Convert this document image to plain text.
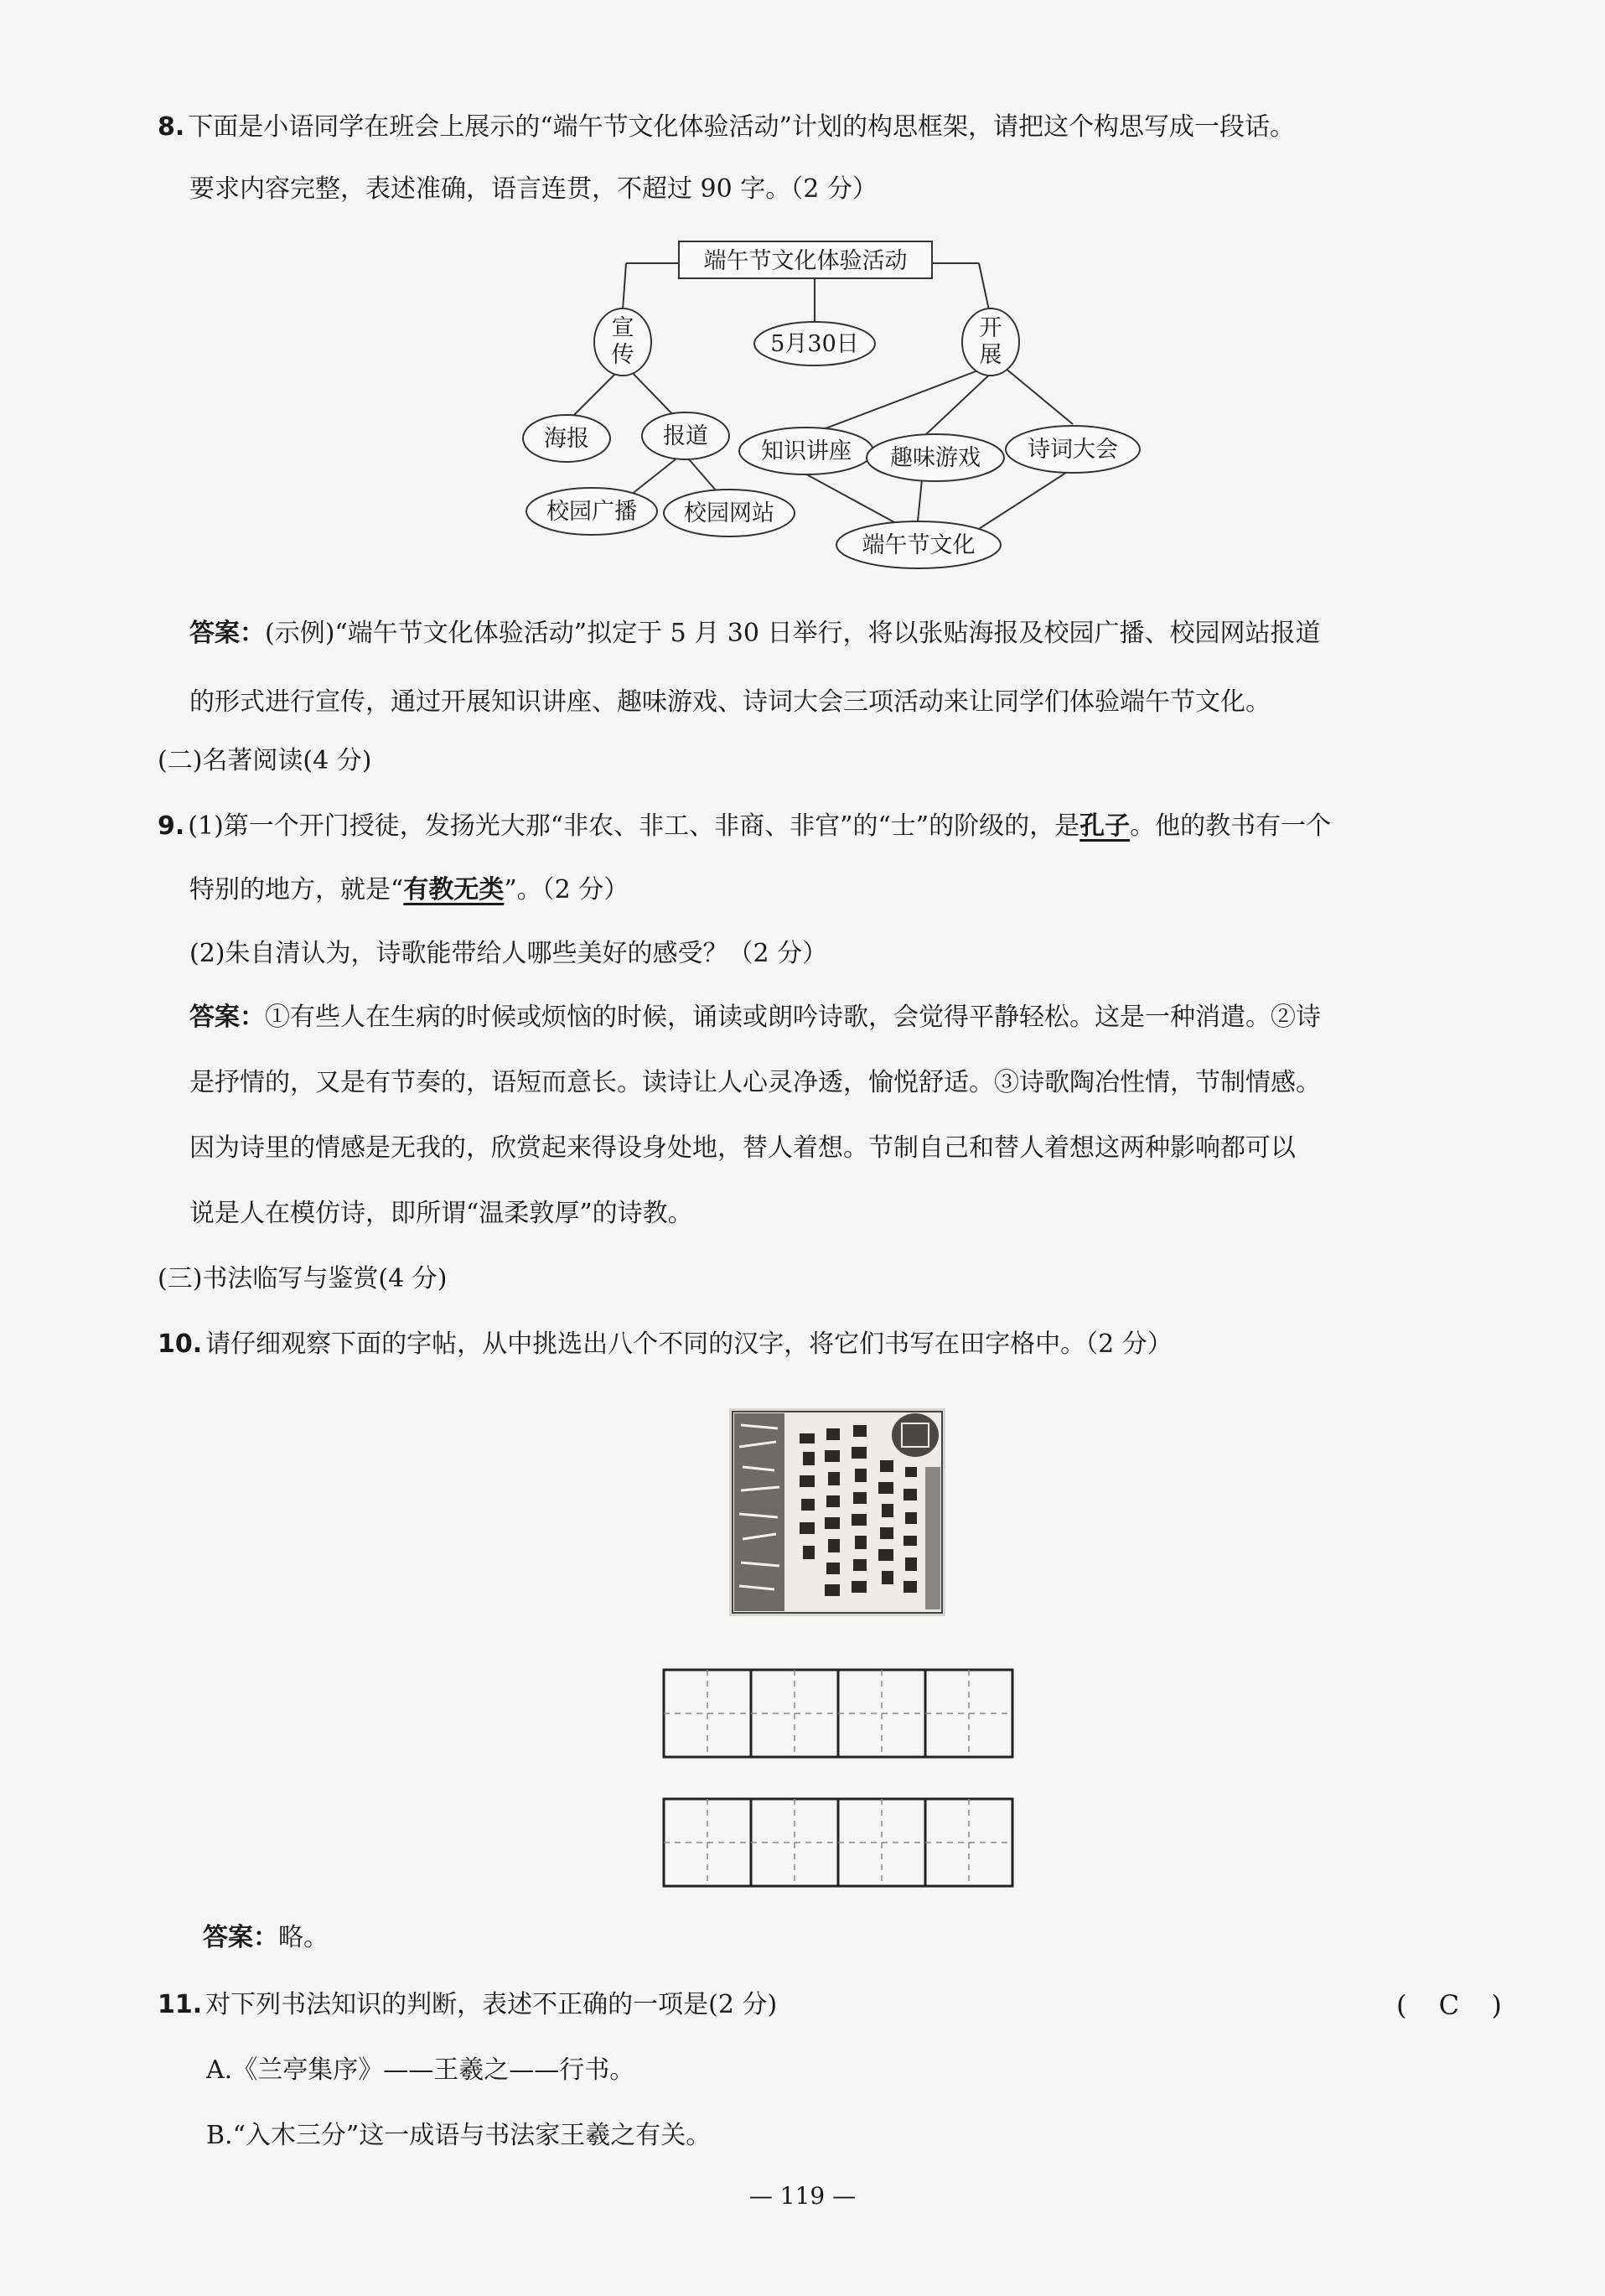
8. 下面是小语同学在班会上展示的“端午节文化体验活动”计划的构思框架，请把这个构思写成一段话。
要求内容完整，表述准确，语言连贯，不超过 90 字。（2 分）
端午节文化体验活动
宣
传	5月30日
开
展
海报	报道
校园广播 校园网站
知识讲座 趣味游戏 诗词大会
端午节文化
答案：(示例)“端午节文化体验活动”拟定于 5 月 30 日举行，将以张贴海报及校园广播、校园网站报道
的形式进行宣传，通过开展知识讲座、趣味游戏、诗词大会三项活动来让同学们体验端午节文化。
(二)名著阅读(4 分)
9. (1)第一个开门授徒，发扬光大那“非农、非工、非商、非官”的“士”的阶级的，是孔子。他的教书有一个
特别的地方，就是“有教无类”。（2 分）
(2)朱自清认为，诗歌能带给人哪些美好的感受？（2 分）
答案：①有些人在生病的时候或烦恼的时候，诵读或朗吟诗歌，会觉得平静轻松。这是一种消遣。②诗
是抒情的，又是有节奏的，语短而意长。读诗让人心灵净透，愉悦舒适。③诗歌陶冶性情，节制情感。
因为诗里的情感是无我的，欣赏起来得设身处地，替人着想。节制自己和替人着想这两种影响都可以
说是人在模仿诗，即所谓“温柔敦厚”的诗教。
(三)书法临写与鉴赏(4 分)
10. 请仔细观察下面的字帖，从中挑选出八个不同的汉字，将它们书写在田字格中。（2 分）
答案：略。
11. 对下列书法知识的判断，表述不正确的一项是(2 分)	( C )
A.《兰亭集序》——王羲之——行书。
B.“入木三分”这一成语与书法家王羲之有关。
— 119 —
